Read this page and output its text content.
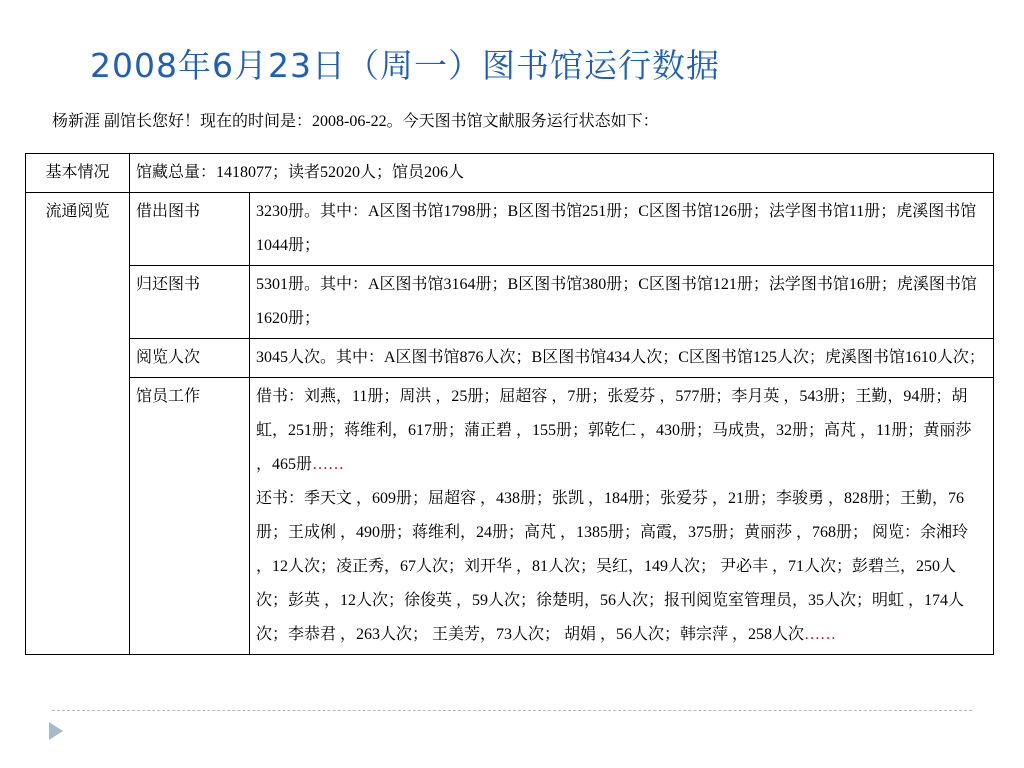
2008年6月23日（周一）图书馆运行数据
杨新涯 副馆长您好！现在的时间是：2008-06-22。今天图书馆文献服务运行状态如下：
基本情况	馆藏总量：1418077；读者52020人；馆员206人	
流通阅览	借出图书	3230册。其中：A区图书馆1798册；B区图书馆251册；C区图书馆126册；法学图书馆11册；虎溪图书馆1044册；
	归还图书	5301册。其中：A区图书馆3164册；B区图书馆380册；C区图书馆121册；法学图书馆16册；虎溪图书馆1620册；
	阅览人次	3045人次。其中：A区图书馆876人次；B区图书馆434人次；C区图书馆125人次；虎溪图书馆1610人次；
	馆员工作	借书：刘燕，11册；周洪 ，25册；屈超容 ，7册；张爱芬 ，577册；李月英 ，543册；王勤，94册；胡虹，251册；蒋维利，617册；蒲正碧 ，155册；郭乾仁 ，430册；马成贵，32册；高芃 ，11册；黄丽莎 ，465册……
还书：季天文 ，609册；屈超容 ，438册；张凯 ，184册；张爱芬 ，21册；李骏勇 ，828册；王勤，76册；王成俐 ，490册；蒋维利，24册；高芃 ，1385册；高霞，375册；黄丽莎 ，768册； 阅览：余湘玲 ，12人次；凌正秀，67人次；刘开华 ，81人次；吴红，149人次； 尹必丰 ，71人次；彭碧兰，250人次；彭英 ，12人次；徐俊英 ，59人次；徐楚明，56人次；报刊阅览室管理员，35人次；明虹 ，174人次；李恭君 ，263人次； 王美芳，73人次； 胡娟 ，56人次；韩宗萍 ，258人次……
